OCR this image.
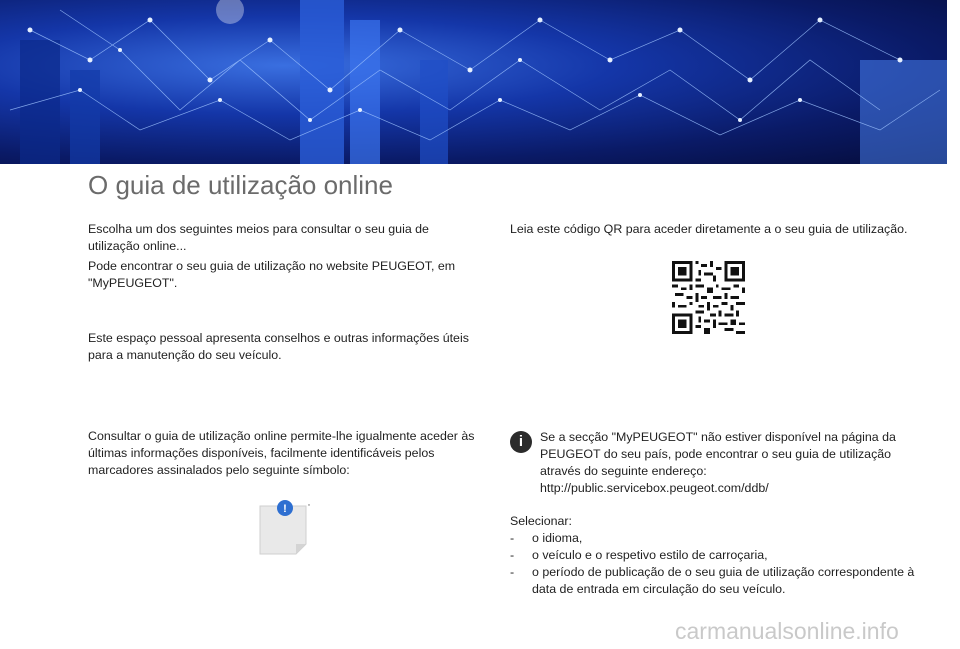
O guia de utilização online

Escolha um dos seguintes meios para consultar o seu guia de utilização online...

Pode encontrar o seu guia de utilização no website PEUGEOT, em "MyPEUGEOT".

Este espaço pessoal apresenta conselhos e outras informações úteis para a manutenção do seu veículo.

Consultar o guia de utilização online permite-lhe igualmente aceder às últimas informações disponíveis, facilmente identificáveis pelos marcadores assinalados pelo seguinte símbolo:

!	*

Leia este código QR para aceder diretamente a o seu guia de utilização.

i	Se a secção "MyPEUGEOT" não estiver disponível na página da PEUGEOT do seu país, pode encontrar o seu guia de utilização através do seguinte endereço:
http://public.servicebox.peugeot.com/ddb/

Selecionar:
- o idioma,
- o veículo e o respetivo estilo de carroçaria,
- o período de publicação de o seu guia de utilização correspondente à data de entrada em circulação do seu veículo.
carmanualsonline.info
